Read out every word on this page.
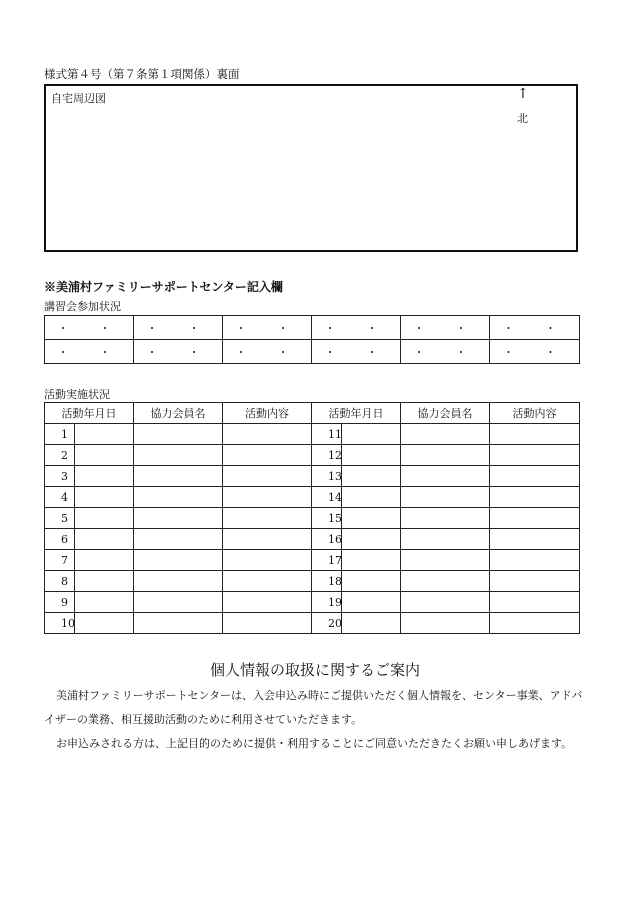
様式第４号（第７条第１項関係）裏面
自宅周辺図	↑
北
※美浦村ファミリーサポートセンター記入欄
講習会参加状況
・　・	・　・	・　・	・　・	・　・	・　・
・　・	・　・	・　・	・　・	・　・	・　・
活動実施状況
活動年月日		協力会員名	活動内容	活動年月日		協力会員名	活動内容
1				11			
2				12			
3				13			
4				14			
5				15			
6				16			
7				17			
8				18			
9				19			
10				20			
個人情報の取扱に関するご案内

美浦村ファミリーサポートセンターは、入会申込み時にご提供いただく個人情報を、センター事業、アドバイザーの業務、相互援助活動のために利用させていただきます。

お申込みされる方は、上記目的のために提供・利用することにご同意いただきたくお願い申しあげます。
